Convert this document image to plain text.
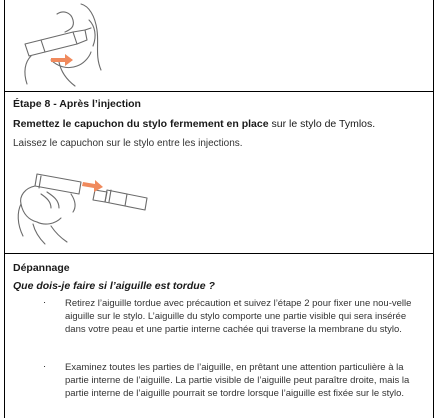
Étape 8 - Après l’injection
Remettez le capuchon du stylo fermement en place sur le stylo de Tymlos.
Laissez le capuchon sur le stylo entre les injections.
Dépannage
Que dois-je faire si l’aiguille est tordue ?
· Retirez l’aiguille tordue avec précaution et suivez l’étape 2 pour fixer une nou-velle aiguille sur le stylo. L’aiguille du stylo comporte une partie visible qui sera insérée dans votre peau et une partie interne cachée qui traverse la membrane du stylo.
· Examinez toutes les parties de l’aiguille, en prêtant une attention particulière à la partie interne de l’aiguille. La partie visible de l’aiguille peut paraître droite, mais la partie interne de l’aiguille pourrait se tordre lorsque l’aiguille est fixée sur le stylo.
